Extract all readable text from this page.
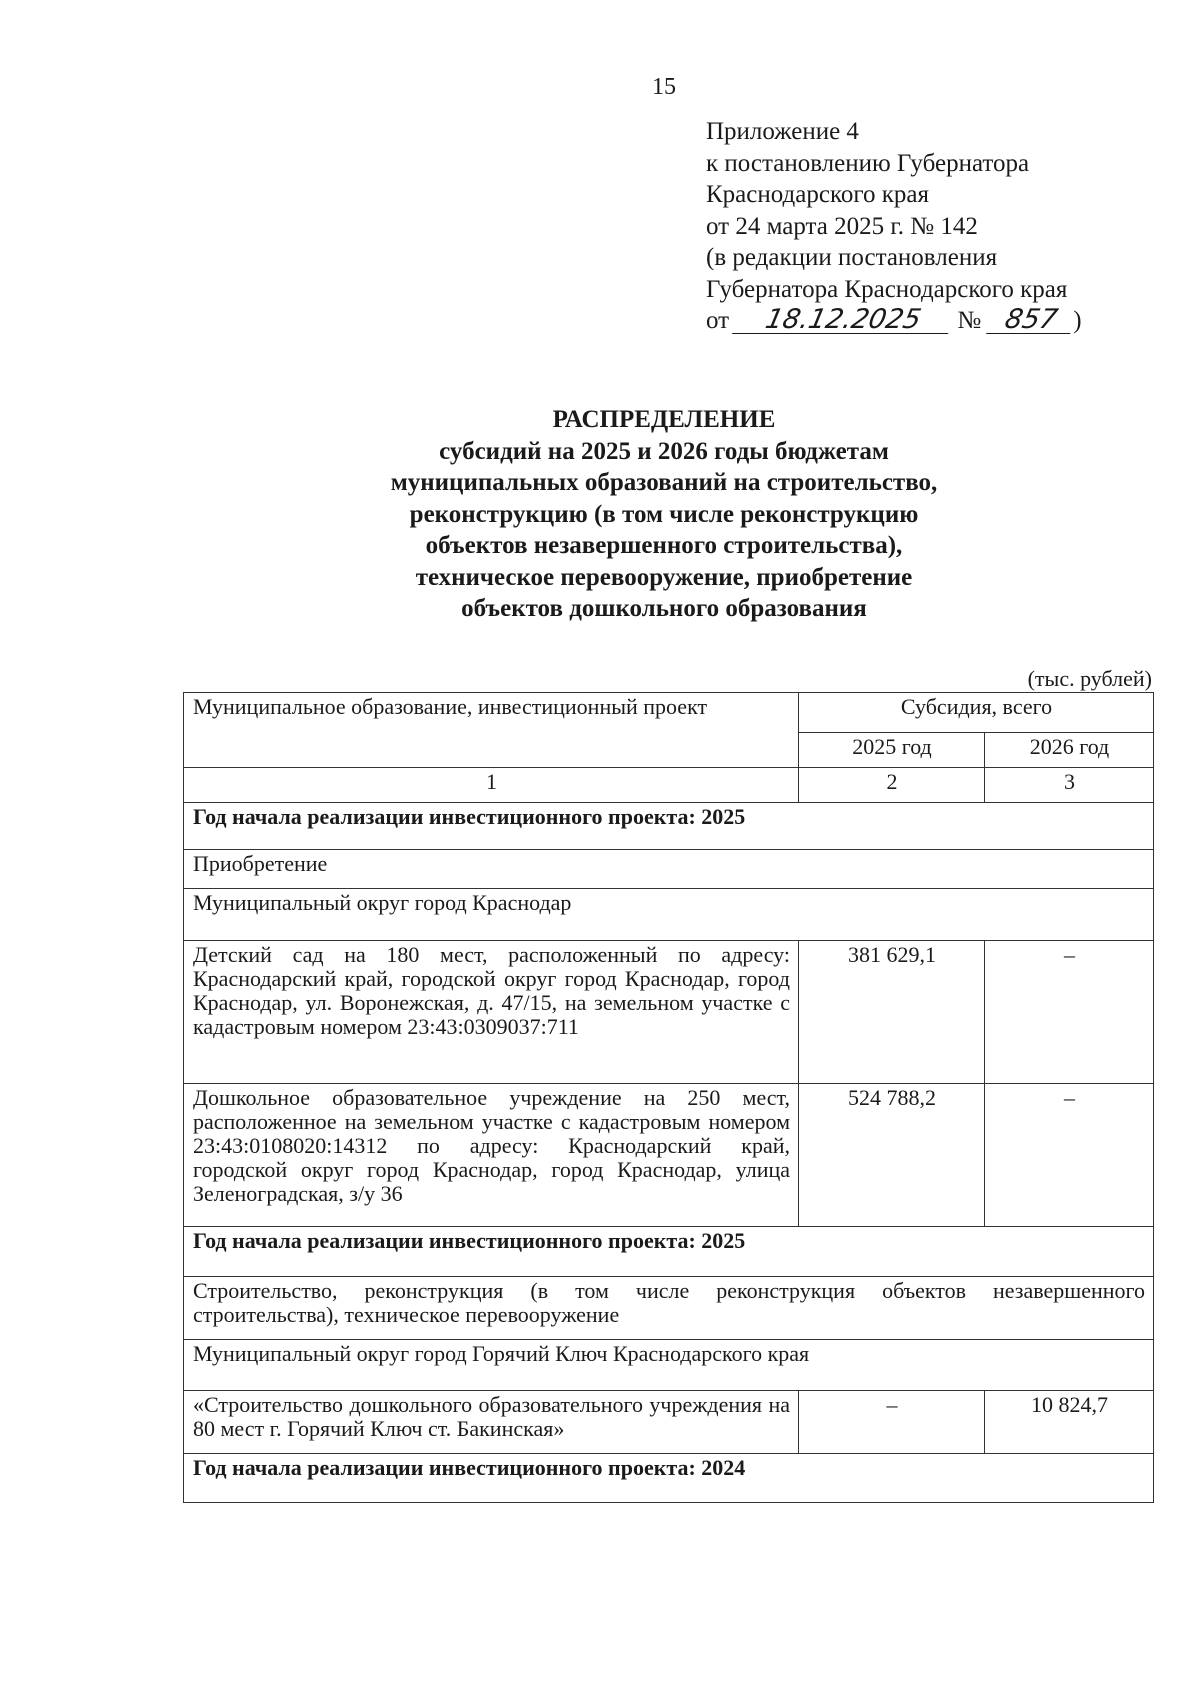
15
Приложение 4
к постановлению Губернатора
Краснодарского края
от 24 марта 2025 г. № 142
(в редакции постановления
Губернатора Краснодарского края
от 18.12.2025 № 857 )
РАСПРЕДЕЛЕНИЕ
субсидий на 2025 и 2026 годы бюджетам
муниципальных образований на строительство,
реконструкцию (в том числе реконструкцию
объектов незавершенного строительства),
техническое перевооружение, приобретение
объектов дошкольного образования
(тыс. рублей)
Муниципальное образование, инвестиционный проект	Субсидия, всего	
	2025 год	2026 год
1	2	3
Год начала реализации инвестиционного проекта: 2025		
Приобретение		
Муниципальный округ город Краснодар		
Детский сад на 180 мест, расположенный по адресу: Краснодарский край, городской округ город Краснодар, город Краснодар, ул. Воронежская, д. 47/15, на земельном участке с кадастровым номером 23:43:0309037:711	381 629,1	–
Дошкольное образовательное учреждение на 250 мест, расположенное на земельном участке с кадастровым номером 23:43:0108020:14312 по адресу: Краснодарский край, городской округ город Краснодар, город Краснодар, улица Зеленоградская, з/у 36	524 788,2	–
Год начала реализации инвестиционного проекта: 2025		
Строительство, реконструкция (в том числе реконструкция объектов незавершенного строительства), техническое перевооружение		
Муниципальный округ город Горячий Ключ Краснодарского края		
«Строительство дошкольного образовательного учреждения на 80 мест г. Горячий Ключ ст. Бакинская»	–	10 824,7
Год начала реализации инвестиционного проекта: 2024		
